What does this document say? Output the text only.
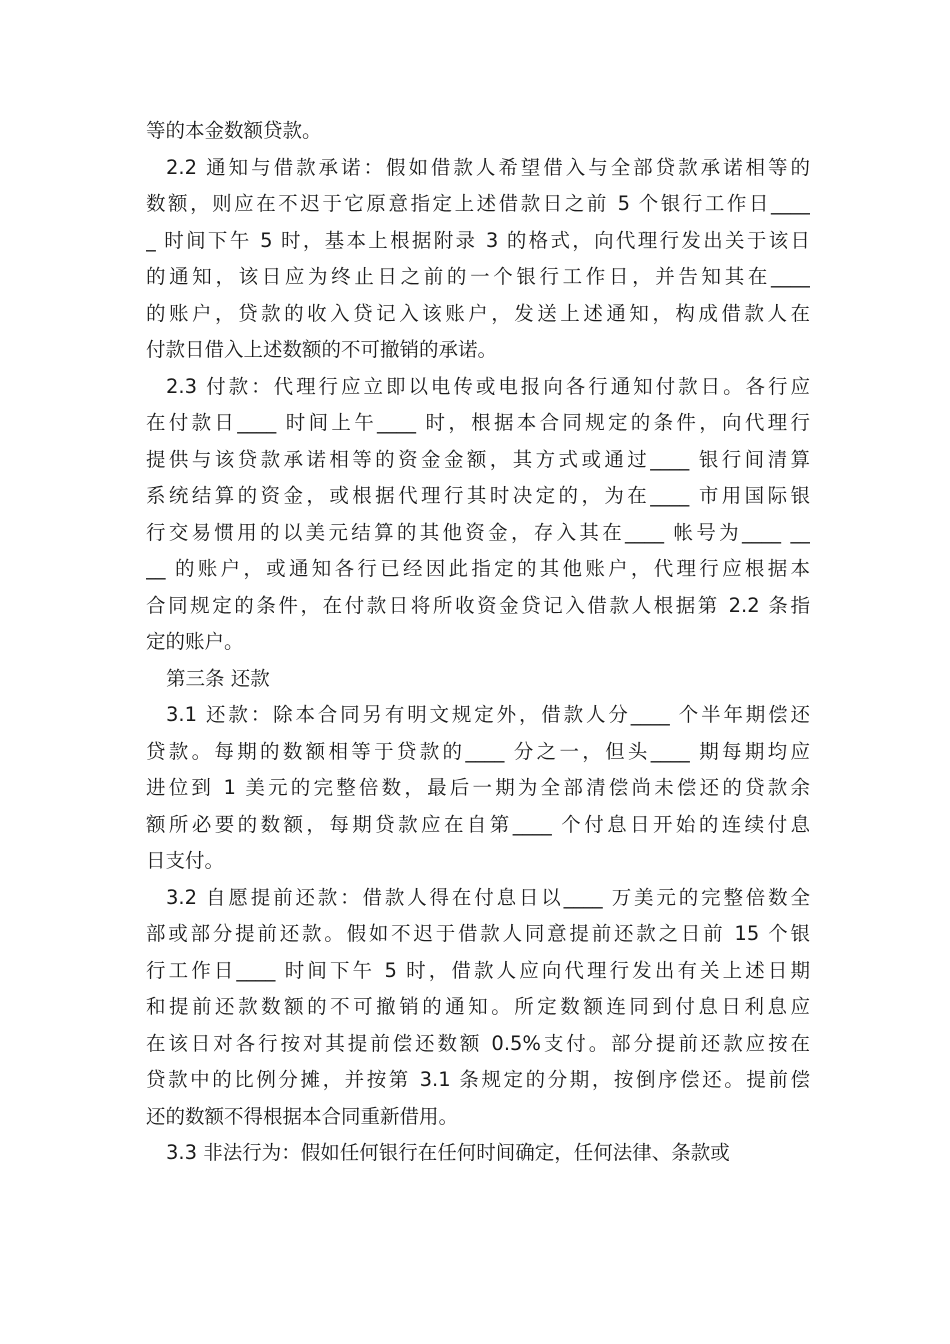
等的本金数额贷款。
2.2 通知与借款承诺：假如借款人希望借入与全部贷款承诺相等的
数额，则应在不迟于它原意指定上述借款日之前 5 个银行工作日____
_ 时间下午 5 时，基本上根据附录 3 的格式，向代理行发出关于该日
的通知，该日应为终止日之前的一个银行工作日，并告知其在____
的账户，贷款的收入贷记入该账户，发送上述通知，构成借款人在
付款日借入上述数额的不可撤销的承诺。
2.3 付款：代理行应立即以电传或电报向各行通知付款日。各行应
在付款日____ 时间上午____ 时，根据本合同规定的条件，向代理行
提供与该贷款承诺相等的资金金额，其方式或通过____ 银行间清算
系统结算的资金，或根据代理行其时决定的，为在____ 市用国际银
行交易惯用的以美元结算的其他资金，存入其在____ 帐号为____ __
__ 的账户，或通知各行已经因此指定的其他账户，代理行应根据本
合同规定的条件，在付款日将所收资金贷记入借款人根据第 2.2 条指
定的账户。
第三条 还款
3.1 还款：除本合同另有明文规定外，借款人分____ 个半年期偿还
贷款。每期的数额相等于贷款的____ 分之一，但头____ 期每期均应
进位到 1 美元的完整倍数，最后一期为全部清偿尚未偿还的贷款余
额所必要的数额，每期贷款应在自第____ 个付息日开始的连续付息
日支付。
3.2 自愿提前还款：借款人得在付息日以____ 万美元的完整倍数全
部或部分提前还款。假如不迟于借款人同意提前还款之日前 15 个银
行工作日____ 时间下午 5 时，借款人应向代理行发出有关上述日期
和提前还款数额的不可撤销的通知。所定数额连同到付息日利息应
在该日对各行按对其提前偿还数额 0.5%支付。部分提前还款应按在
贷款中的比例分摊，并按第 3.1 条规定的分期，按倒序偿还。提前偿
还的数额不得根据本合同重新借用。
3.3 非法行为：假如任何银行在任何时间确定，任何法律、条款或
